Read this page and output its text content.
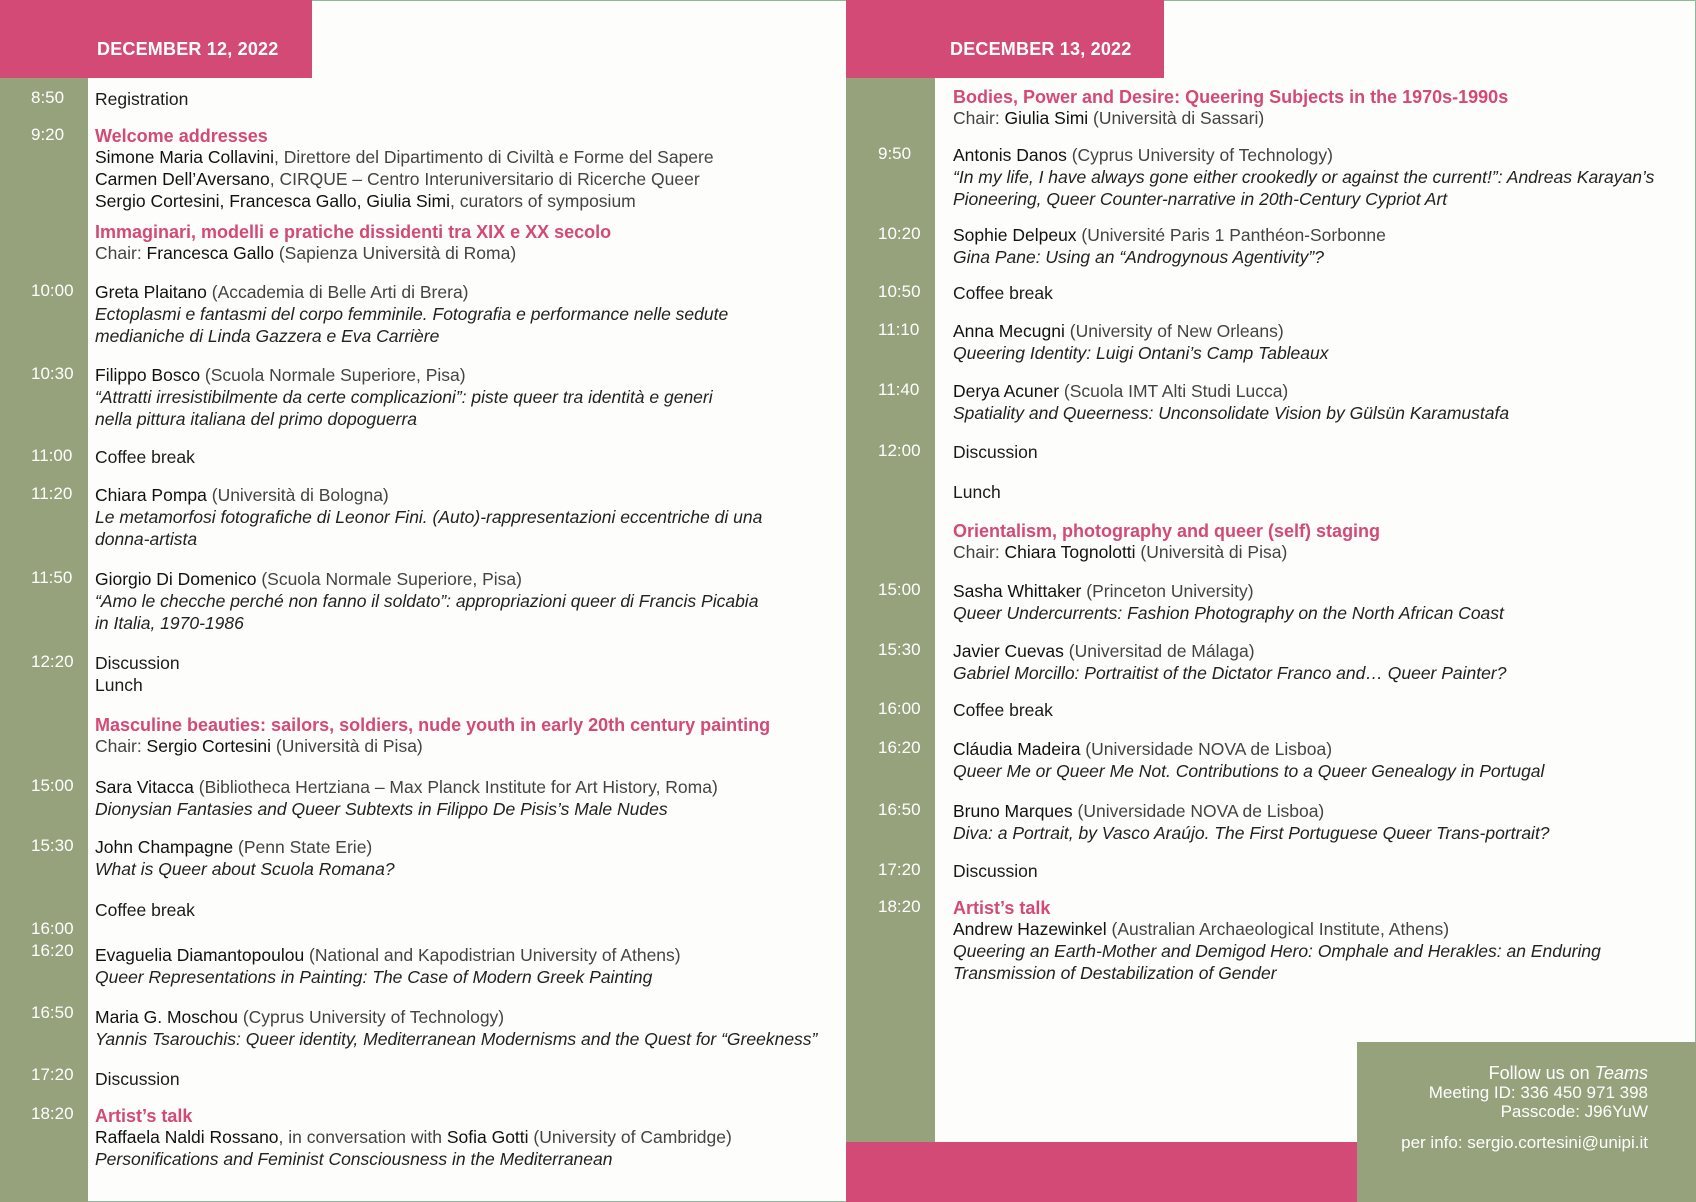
DECEMBER 12, 2022	DECEMBER 13, 2022
8:50 Registration
9:20 Welcome addresses
Simone Maria Collavini, Direttore del Dipartimento di Civiltà e Forme del Sapere
Carmen Dell’Aversano, CIRQUE – Centro Interuniversitario di Ricerche Queer
Sergio Cortesini, Francesca Gallo, Giulia Simi, curators of symposium
Immaginari, modelli e pratiche dissidenti tra XIX e XX secolo
Chair: Francesca Gallo (Sapienza Università di Roma)
10:00 Greta Plaitano (Accademia di Belle Arti di Brera)
Ectoplasmi e fantasmi del corpo femminile. Fotografia e performance nelle sedute
medianiche di Linda Gazzera e Eva Carrière
10:30 Filippo Bosco (Scuola Normale Superiore, Pisa)
“Attratti irresistibilmente da certe complicazioni”: piste queer tra identità e generi
nella pittura italiana del primo dopoguerra
11:00 Coffee break
11:20 Chiara Pompa (Università di Bologna)
Le metamorfosi fotografiche di Leonor Fini. (Auto)-rappresentazioni eccentriche di una
donna-artista
11:50 Giorgio Di Domenico (Scuola Normale Superiore, Pisa)
“Amo le checche perché non fanno il soldato”: appropriazioni queer di Francis Picabia
in Italia, 1970-1986
12:20 Discussion
Lunch
Masculine beauties: sailors, soldiers, nude youth in early 20th century painting
Chair: Sergio Cortesini (Università di Pisa)
15:00 Sara Vitacca (Bibliotheca Hertziana – Max Planck Institute for Art History, Roma)
Dionysian Fantasies and Queer Subtexts in Filippo De Pisis’s Male Nudes
15:30 John Champagne (Penn State Erie)
What is Queer about Scuola Romana?
Coffee break
16:00
16:20 Evaguelia Diamantopoulou (National and Kapodistrian University of Athens)
Queer Representations in Painting: The Case of Modern Greek Painting
16:50 Maria G. Moschou (Cyprus University of Technology)
Yannis Tsarouchis: Queer identity, Mediterranean Modernisms and the Quest for “Greekness”
17:20 Discussion
18:20 Artist’s talk
Raffaela Naldi Rossano, in conversation with Sofia Gotti (University of Cambridge)
Personifications and Feminist Consciousness in the Mediterranean
Bodies, Power and Desire: Queering Subjects in the 1970s-1990s
Chair: Giulia Simi (Università di Sassari)
9:50 Antonis Danos (Cyprus University of Technology)
“In my life, I have always gone either crookedly or against the current!”: Andreas Karayan’s
Pioneering, Queer Counter-narrative in 20th-Century Cypriot Art
10:20 Sophie Delpeux (Université Paris 1 Panthéon-Sorbonne
Gina Pane: Using an “Androgynous Agentivity”?
10:50 Coffee break
11:10 Anna Mecugni (University of New Orleans)
Queering Identity: Luigi Ontani’s Camp Tableaux
11:40 Derya Acuner (Scuola IMT Alti Studi Lucca)
Spatiality and Queerness: Unconsolidate Vision by Gülsün Karamustafa
12:00 Discussion
Lunch
Orientalism, photography and queer (self) staging
Chair: Chiara Tognolotti (Università di Pisa)
15:00 Sasha Whittaker (Princeton University)
Queer Undercurrents: Fashion Photography on the North African Coast
15:30 Javier Cuevas (Universitad de Málaga)
Gabriel Morcillo: Portraitist of the Dictator Franco and… Queer Painter?
16:00 Coffee break
16:20 Cláudia Madeira (Universidade NOVA de Lisboa)
Queer Me or Queer Me Not. Contributions to a Queer Genealogy in Portugal
16:50 Bruno Marques (Universidade NOVA de Lisboa)
Diva: a Portrait, by Vasco Araújo. The First Portuguese Queer Trans-portrait?
17:20 Discussion
18:20 Artist’s talk
Andrew Hazewinkel (Australian Archaeological Institute, Athens)
Queering an Earth-Mother and Demigod Hero: Omphale and Herakles: an Enduring
Transmission of Destabilization of Gender
Follow us on Teams
Meeting ID: 336 450 971 398
Passcode: J96YuW
per info: sergio.cortesini@unipi.it
